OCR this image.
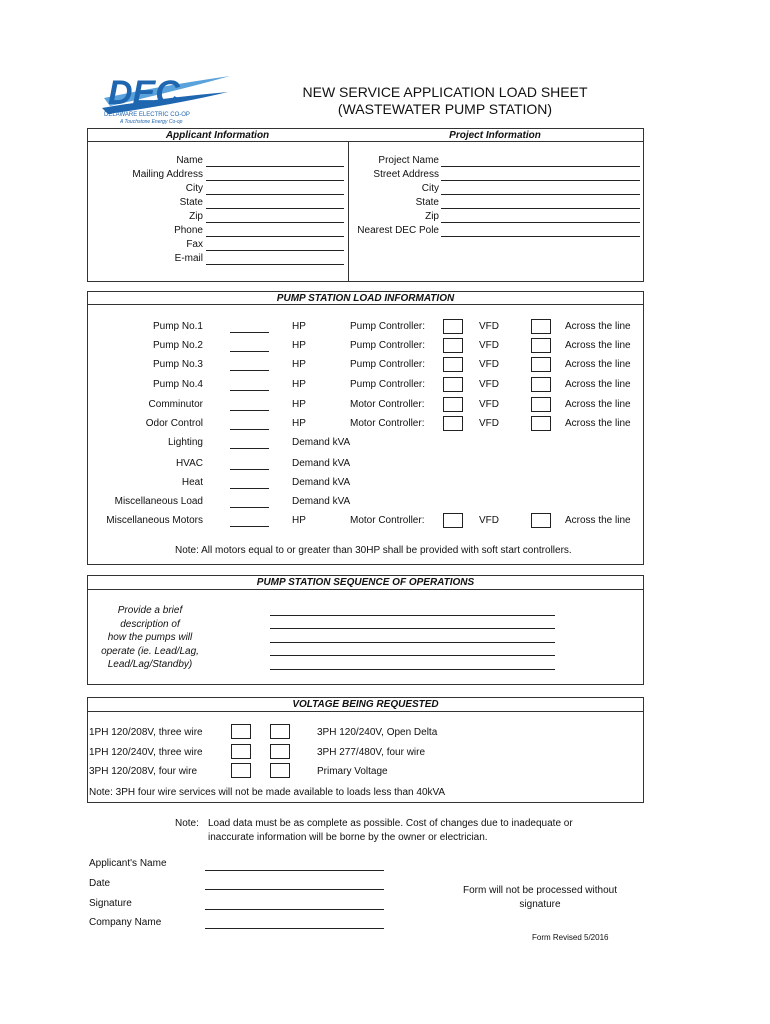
DEC
DELAWARE ELECTRIC CO-OP
A Touchstone Energy Co-op
NEW SERVICE APPLICATION LOAD SHEET
(WASTEWATER PUMP STATION)
Applicant Information	Project Information
Name
Mailing Address
City
State
Zip
Phone
Fax
E-mail
Project Name
Street Address
City
State
Zip
Nearest DEC Pole
PUMP STATION LOAD INFORMATION
Pump No.1	HP	Pump Controller:	VFD	Across the line
Pump No.2	HP	Pump Controller:	VFD	Across the line
Pump No.3	HP	Pump Controller:	VFD	Across the line
Pump No.4	HP	Pump Controller:	VFD	Across the line
Comminutor	HP	Motor Controller:	VFD	Across the line
Odor Control	HP	Motor Controller:	VFD	Across the line
Lighting	Demand kVA
HVAC	Demand kVA
Heat	Demand kVA
Miscellaneous Load	Demand kVA
Miscellaneous Motors	HP	Motor Controller:	VFD	Across the line
Note: All motors equal to or greater than 30HP shall be provided with soft start controllers.
PUMP STATION SEQUENCE OF OPERATIONS
Provide a brief
description of
how the pumps will
operate (ie. Lead/Lag,
Lead/Lag/Standby)
VOLTAGE BEING REQUESTED
1PH 120/208V, three wire	3PH 120/240V, Open Delta
1PH 120/240V, three wire	3PH 277/480V, four wire
3PH 120/208V, four wire	Primary Voltage
Note: 3PH four wire services will not be made available to loads less than 40kVA
Note: Load data must be as complete as possible. Cost of changes due to inadequate or
inaccurate information will be borne by the owner or electrician.
Applicant's Name
Date
Signature
Company Name
Form will not be processed without
signature
Form Revised 5/2016
